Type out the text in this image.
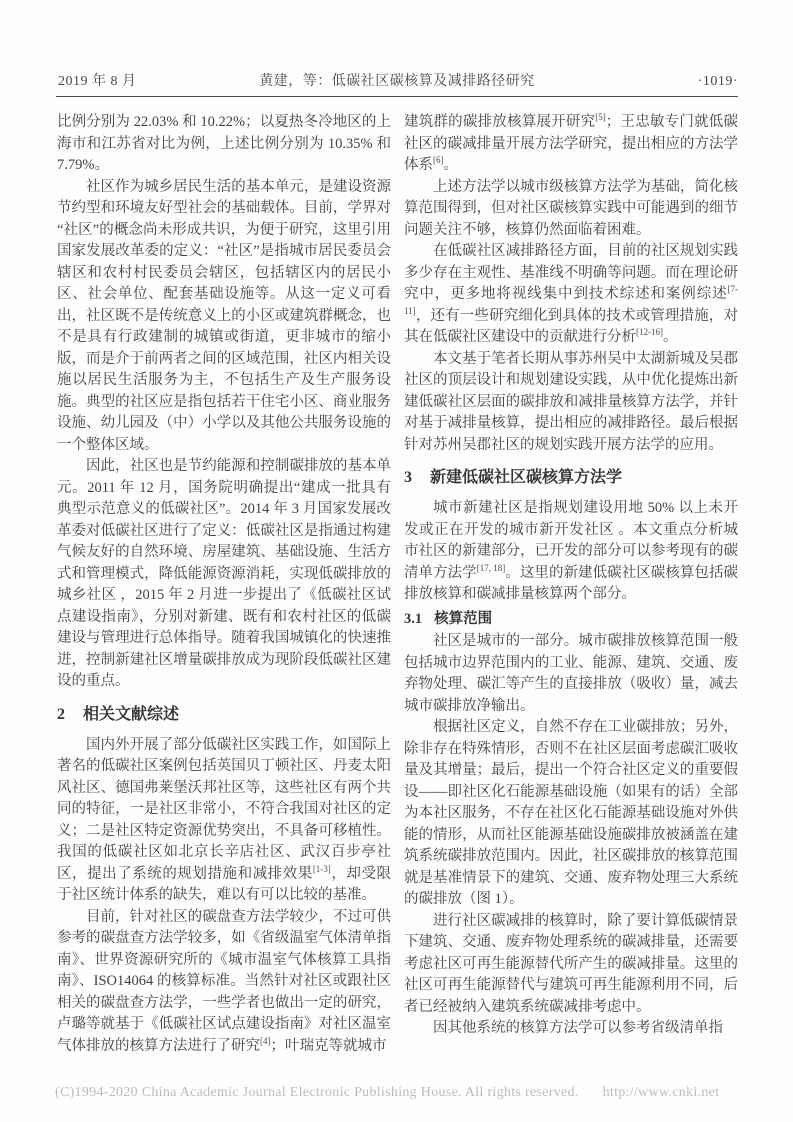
2019 年 8 月	黄建，等：低碳社区碳核算及减排路径研究	·1019·

比例分别为 22.03% 和 10.22%；以夏热冬冷地区的上海市和江苏省对比为例，上述比例分别为 10.35% 和 7.79%。

社区作为城乡居民生活的基本单元，是建设资源节约型和环境友好型社会的基础载体。目前，学界对“社区”的概念尚未形成共识，为便于研究，这里引用国家发展改革委的定义：“社区”是指城市居民委员会辖区和农村村民委员会辖区，包括辖区内的居民小区、社会单位、配套基础设施等。从这一定义可看出，社区既不是传统意义上的小区或建筑群概念，也不是具有行政建制的城镇或街道，更非城市的缩小版，而是介于前两者之间的区域范围，社区内相关设施以居民生活服务为主，不包括生产及生产服务设施。典型的社区应是指包括若干住宅小区、商业服务设施、幼儿园及（中）小学以及其他公共服务设施的一个整体区域。

因此，社区也是节约能源和控制碳排放的基本单元。2011 年 12 月，国务院明确提出“建成一批具有典型示范意义的低碳社区”。2014 年 3 月国家发展改革委对低碳社区进行了定义：低碳社区是指通过构建气候友好的自然环境、房屋建筑、基础设施、生活方式和管理模式，降低能源资源消耗，实现低碳排放的城乡社区 ，2015 年 2 月进一步提出了《低碳社区试点建设指南》，分别对新建、既有和农村社区的低碳建设与管理进行总体指导。随着我国城镇化的快速推进，控制新建社区增量碳排放成为现阶段低碳社区建设的重点。

2 相关文献综述

国内外开展了部分低碳社区实践工作，如国际上著名的低碳社区案例包括英国贝丁顿社区、丹麦太阳风社区、德国弗莱堡沃邦社区等，这些社区有两个共同的特征，一是社区非常小，不符合我国对社区的定义；二是社区特定资源优势突出，不具备可移植性。我国的低碳社区如北京长辛店社区、武汉百步亭社区，提出了系统的规划措施和减排效果[1-3]，却受限于社区统计体系的缺失，难以有可以比较的基准。

目前，针对社区的碳盘查方法学较少，不过可供参考的碳盘查方法学较多，如《省级温室气体清单指南》、世界资源研究所的《城市温室气体核算工具指南》、ISO14064 的核算标准。当然针对社区或跟社区相关的碳盘查方法学，一些学者也做出一定的研究，卢璐等就基于《低碳社区试点建设指南》对社区温室气体排放的核算方法进行了研究[4]；叶瑞克等就城市

建筑群的碳排放核算展开研究[5]；王忠敏专门就低碳社区的碳减排量开展方法学研究，提出相应的方法学体系[6]。

上述方法学以城市级核算方法学为基础，简化核算范围得到，但对社区碳核算实践中可能遇到的细节问题关注不够，核算仍然面临着困难。

在低碳社区减排路径方面，目前的社区规划实践多少存在主观性、基准线不明确等问题。而在理论研究中，更多地将视线集中到技术综述和案例综述[7-11]，还有一些研究细化到具体的技术或管理措施，对其在低碳社区建设中的贡献进行分析[12-16]。

本文基于笔者长期从事苏州吴中太湖新城及吴郡社区的顶层设计和规划建设实践，从中优化提炼出新建低碳社区层面的碳排放和减排量核算方法学，并针对基于减排量核算，提出相应的减排路径。最后根据针对苏州吴郡社区的规划实践开展方法学的应用。

3 新建低碳社区碳核算方法学

城市新建社区是指规划建设用地 50% 以上未开发或正在开发的城市新开发社区 。本文重点分析城市社区的新建部分，已开发的部分可以参考现有的碳清单方法学[17, 18]。这里的新建低碳社区碳核算包括碳排放核算和碳减排量核算两个部分。

3.1 核算范围

社区是城市的一部分。城市碳排放核算范围一般包括城市边界范围内的工业、能源、建筑、交通、废弃物处理、碳汇等产生的直接排放（吸收）量，减去城市碳排放净输出。

根据社区定义，自然不存在工业碳排放；另外，除非存在特殊情形，否则不在社区层面考虑碳汇吸收量及其增量；最后，提出一个符合社区定义的重要假设——即社区化石能源基础设施（如果有的话）全部为本社区服务，不存在社区化石能源基础设施对外供能的情形，从而社区能源基础设施碳排放被涵盖在建筑系统碳排放范围内。因此，社区碳排放的核算范围就是基准情景下的建筑、交通、废弃物处理三大系统的碳排放（图 1）。

进行社区碳减排的核算时，除了要计算低碳情景下建筑、交通、废弃物处理系统的碳减排量，还需要考虑社区可再生能源替代所产生的碳减排量。这里的社区可再生能源替代与建筑可再生能源利用不同，后者已经被纳入建筑系统碳减排考虑中。

因其他系统的核算方法学可以参考省级清单指

(C)1994-2020 China Academic Journal Electronic Publishing House. All rights reserved. http://www.cnki.net
